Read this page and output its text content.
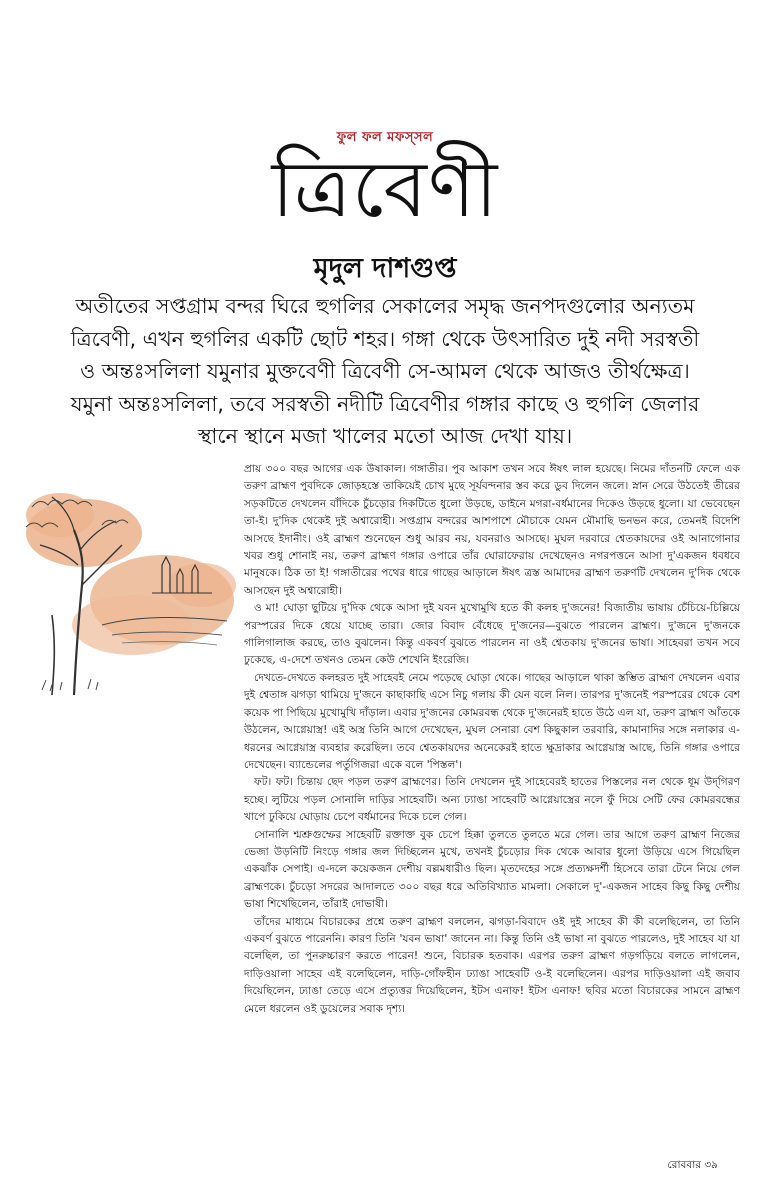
ফুল ফল মফস্‌সল
ত্রিবেণী
মৃদুল দাশগুপ্ত

অতীতের সপ্তগ্রাম বন্দর ঘিরে হুগলির সেকালের সমৃদ্ধ জনপদগুলোর অন্যতম ত্রিবেণী, এখন হুগলির একটি ছোট শহর। গঙ্গা থেকে উৎসারিত দুই নদী সরস্বতী ও অন্তঃসলিলা যমুনার মুক্তবেণী ত্রিবেণী সে-আমল থেকে আজও তীর্থক্ষেত্র। যমুনা অন্তঃসলিলা, তবে সরস্বতী নদীটি ত্রিবেণীর গঙ্গার কাছে ও হুগলি জেলার স্থানে স্থানে মজা খালের মতো আজ দেখা যায়।

প্রায় ৩০০ বছর আগের এক উষাকাল। গঙ্গাতীর। পুব আকাশ তখন সবে ঈষৎ লাল হয়েছে। নিমের দাঁতনটি ফেলে এক তরুণ ব্রাহ্মণ পুবদিকে জোড়হস্তে তাকিয়েই চোখ মুছে সূর্যবন্দনার স্তব করে ডুব দিলেন জলে। স্নান সেরে উঠতেই তীরের সড়কটিতে দেখলেন বাঁদিকে চুঁচড়োর দিকটিতে ধুলো উড়ছে, ডাইনে মগরা-বর্ধমানের দিকেও উড়ছে ধুলো। যা ভেবেছেন তা-ই। দু'দিক থেকেই দুই অশ্বারোহী। সপ্তগ্রাম বন্দরের আশপাশে মৌচাকে যেমন মৌমাছি ভনভন করে, তেমনই বিদেশি আসছে ইদানীং। ওই ব্রাহ্মণ শুনেছেন শুধু আরব নয়, যবনরাও আসছে। মুঘল দরবারে শ্বেতকায়দের ওই আনাগোনার খবর শুধু শোনাই নয়, তরুণ ব্রাহ্মণ গঙ্গার ওপারে তাঁর ঘোরাফেরায় দেখেছেনও নগরপত্তনে আসা দু'একজন ধবধবে মানুষকে। ঠিক তা ই! গঙ্গাতীরের পথের ধারে গাছের আড়ালে ঈষৎ ত্রস্ত আমাদের ব্রাহ্মণ তরুণটি দেখলেন দু'দিক থেকে আসছেন দুই অশ্বারোহী।

ও মা! ঘোড়া ছুটিয়ে দু'দিক থেকে আসা দুই যবন মুখোমুখি হতে কী কলহ দু'জনের! বিজাতীয় ভাষায় চেঁচিয়ে-চিল্লিয়ে পরস্পরের দিকে ধেয়ে যাচ্ছে তারা। জোর বিবাদ বেঁধেছে দু'জনের—বুঝতে পারলেন ব্রাহ্মণ। দু'জনে দু'জনকে গালিগালাজ করছে, তাও বুঝলেন। কিন্তু একবর্ণ বুঝতে পারলেন না ওই শ্বেতকায় দু'জনের ভাষা। সাহেবরা তখন সবে ঢুকেছে, এ-দেশে তখনও তেমন কেউ শেখেনি ইংরেজি।

দেখতে-দেখতে কলহরত দুই সাহেবই নেমে পড়েছে ঘোড়া থেকে। গাছের আড়ালে থাকা স্তম্ভিত ব্রাহ্মণ দেখলেন এবার দুই শ্বেতাঙ্গ ঝগড়া থামিয়ে দু'জনে কাছাকাছি এসে নিচু গলায় কী যেন বলে নিল। তারপর দু'জনেই পরস্পরের থেকে বেশ কয়েক পা পিছিয়ে মুখোমুখি দাঁড়াল। এবার দু'জনের কোমরবন্ধ থেকে দু'জনেরই হাতে উঠে এল যা, তরুণ ব্রাহ্মণ আঁতকে উঠলেন, আগ্নেয়াস্ত্র! এই অস্ত্র তিনি আগে দেখেছেন, মুঘল সেনারা বেশ কিছুকাল তরবারি, কামানাদির সঙ্গে নলাকার এ-ধরনের আগ্নেয়াস্ত্র ব্যবহার করেছিল। তবে শ্বেতকায়দের অনেকেরই হাতে ক্ষুদ্রাকার আগ্নেয়াস্ত্র আছে, তিনি গঙ্গার ওপারে দেখেছেন। ব্যান্ডেলের পর্তুগিজরা একে বলে 'পিস্তল'।

ফট। ফট। চিন্তায় ছেদ পড়ল তরুণ ব্রাহ্মণের। তিনি দেখলেন দুই সাহেবেরই হাতের পিস্তলের নল থেকে ধূম উদ্‌গিরণ হচ্ছে। লুটিয়ে পড়ল সোনালি দাড়ির সাহেবটি। অন্য ঢ্যাঙা সাহেবটি আগ্নেয়াস্ত্রের নলে ফুঁ দিয়ে সেটি ফের কোমরবন্ধের খাপে ঢুকিয়ে ঘোড়ায় চেপে বর্ধমানের দিকে চলে গেল।

সোনালি শ্মশ্রুগুম্ফের সাহেবটি রক্তাক্ত বুক চেপে হিক্কা তুলতে তুলতে মরে গেল। তার আগে তরুণ ব্রাহ্মণ নিজের ভেজা উড়নিটি নিংড়ে গঙ্গার জল দিচ্ছিলেন মুখে, তখনই চুঁচড়োর দিক থেকে আবার ধুলো উড়িয়ে এসে গিয়েছিল একঝাঁক সেপাই। এ-দলে কয়েকজন দেশীয় বল্লমধারীও ছিল। মৃতদেহের সঙ্গে প্রত্যক্ষদর্শী হিসেবে তারা টেনে নিয়ে গেল ব্রাহ্মণকে। চুঁচড়ো সদরের আদালতে ৩০০ বছর ধরে অতিবিখ্যাত মামলা। সেকালে দু'-একজন সাহেব কিছু কিছু দেশীয় ভাষা শিখেছিলেন, তাঁরাই দোভাষী।

তাঁদের মাধ্যমে বিচারকের প্রশ্নে তরুণ ব্রাহ্মণ বললেন, ঝগড়া-বিবাদে ওই দুই সাহেব কী কী বলেছিলেন, তা তিনি একবর্ণ বুঝতে পারেননি। কারণ তিনি 'যবন ভাষা' জানেন না। কিন্তু তিনি ওই ভাষা না বুঝতে পারলেও, দুই সাহেব যা যা বলেছিল, তা পুনরুচ্চারণ করতে পারেন! শুনে, বিচারক হতবাক। এরপর তরুণ ব্রাহ্মণ গড়গড়িয়ে বলতে লাগলেন, দাড়িওয়ালা সাহেব এই বলেছিলেন, দাড়ি-গোঁফহীন ঢ্যাঙা সাহেবটি ও-ই বলেছিলেন। এরপর দাড়িওয়ালা এই জবাব দিয়েছিলেন, ঢ্যাঙা তেড়ে এসে প্রত্যুত্তর দিয়েছিলেন, ইটস এনাফ! ইটস এনাফ! ছবির মতো বিচারকের সামনে ব্রাহ্মণ মেলে ধরলেন ওই ডুয়েলের সবাক দৃশ্য।

রোববার ৩৯
